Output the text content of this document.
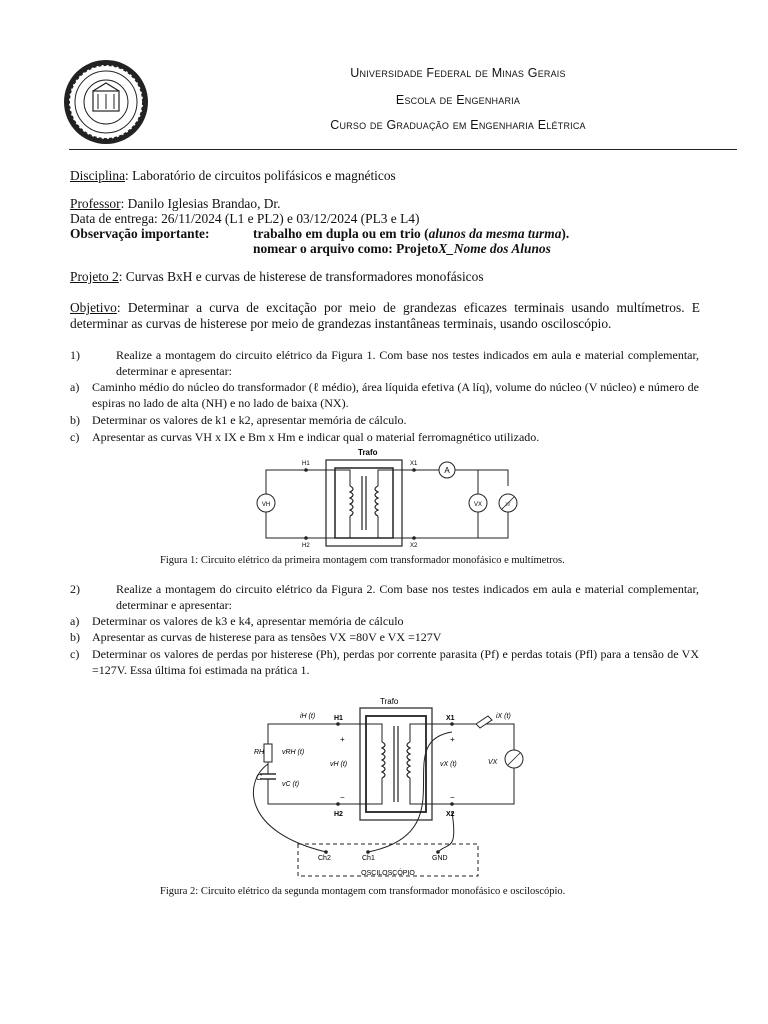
Universidade Federal de Minas Gerais
Escola de Engenharia
Curso de Graduação em Engenharia Elétrica
Disciplina: Laboratório de circuitos polifásicos e magnéticos
Professor: Danilo Iglesias Brandao, Dr.
Data de entrega: 26/11/2024 (L1 e PL2) e 03/12/2024 (PL3 e L4)
Observação importante:	trabalho em dupla ou em trio (alunos da mesma turma).
nomear o arquivo como: ProjetoX_Nome dos Alunos
Projeto 2: Curvas BxH e curvas de histerese de transformadores monofásicos
Objetivo: Determinar a curva de excitação por meio de grandezas eficazes terminais usando multímetros. E determinar as curvas de histerese por meio de grandezas instantâneas terminais, usando osciloscópio.
1)	Realize a montagem do circuito elétrico da Figura 1. Com base nos testes indicados em aula e material complementar, determinar e apresentar:
a) Caminho médio do núcleo do transformador (ℓ médio), área líquida efetiva (A líq), volume do núcleo (V núcleo) e número de espiras no lado de alta (NH) e no lado de baixa (NX).
b) Determinar os valores de k1 e k2, apresentar memória de cálculo.
c) Apresentar as curvas VH x IX e Bm x Hm e indicar qual o material ferromagnético utilizado.
Trafo
VH
A
VX	W
H1
H2
X1
X2
Figura 1: Circuito elétrico da primeira montagem com transformador monofásico e multímetros.
2)	Realize a montagem do circuito elétrico da Figura 2. Com base nos testes indicados em aula e material complementar, determinar e apresentar:
a) Determinar os valores de k3 e k4, apresentar memória de cálculo
b) Apresentar as curvas de histerese para as tensões VX =80V e VX =127V
c) Determinar os valores de perdas por histerese (Ph), perdas por corrente parasita (Pf) e perdas totais (Pfl) para a tensão de VX =127V. Essa última foi estimada na prática 1.
Trafo
iH (t)	H1
H2
X1
X2
iX (t)
RH	vRH (t)
C
vC (t)
vH (t)	vX (t)	VX
+
−
+
−
Ch2	Ch1	GND
OSCILOSCÓPIO
Figura 2: Circuito elétrico da segunda montagem com transformador monofásico e osciloscópio.
